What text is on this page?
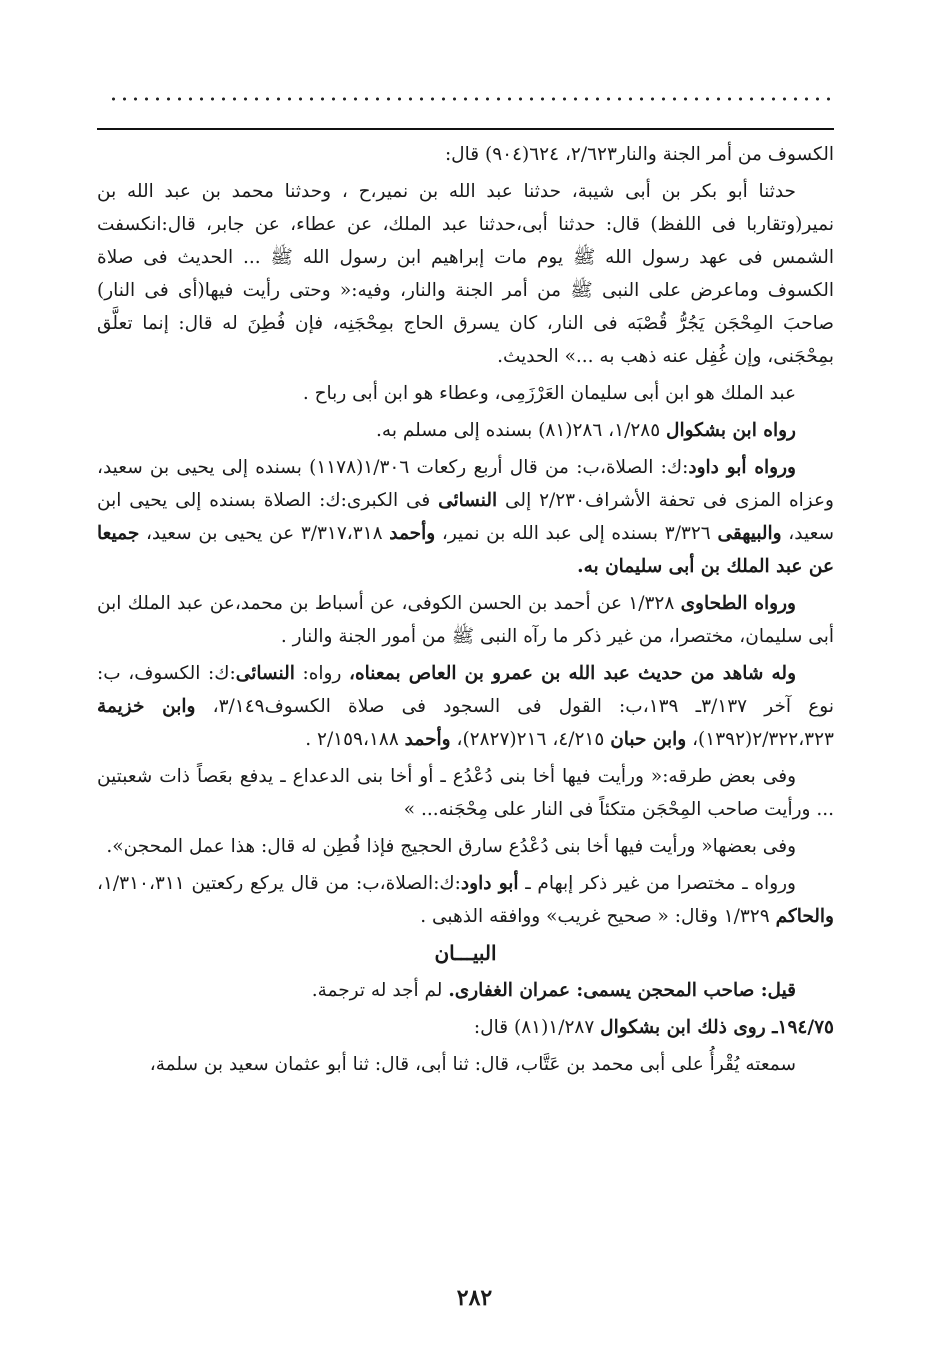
الكسوف من أمر الجنة والنار٢/٦٢٣، ٦٢٤(٩٠٤) قال:

حدثنا أبو بكر بن أبى شيبة، حدثنا عبد الله بن نمير،ح ، وحدثنا محمد بن عبد الله بن نمير(وتقاربا فى اللفظ) قال: حدثنا أبى،حدثنا عبد الملك، عن عطاء، عن جابر، قال:انكسفت الشمس فى عهد رسول الله ﷺ يوم مات إبراهيم ابن رسول الله ﷺ ... الحديث فى صلاة الكسوف وماعرض على النبى ﷺ من أمر الجنة والنار، وفيه:« وحتى رأيت فيها(أى فى النار) صاحبَ المِحْجَن يَجُرُّ قُصْبَه فى النار، كان يسرق الحاج بمِحْجَنِه، فإن فُطِنَ له قال: إنما تعلَّق بمِحْجَنى، وإن غُفِل عنه ذهب به ...» الحديث.

عبد الملك هو ابن أبى سليمان العَرْزَمِى، وعطاء هو ابن أبى رباح .

رواه ابن بشكوال ١/٢٨٥، ٢٨٦(٨١) بسنده إلى مسلم به.

ورواه أبو داود:ك: الصلاة،ب: من قال أربع ركعات ١/٣٠٦(١١٧٨) بسنده إلى يحيى بن سعيد، وعزاه المزى فى تحفة الأشراف٢/٢٣٠ إلى النسائى فى الكبرى:ك: الصلاة بسنده إلى يحيى ابن سعيد، والبيهقى ٣/٣٢٦ بسنده إلى عبد الله بن نمير، وأحمد ٣/٣١٧،٣١٨ عن يحيى بن سعيد، جميعا عن عبد الملك بن أبى سليمان به.

ورواه الطحاوى ١/٣٢٨ عن أحمد بن الحسن الكوفى، عن أسباط بن محمد،عن عبد الملك ابن أبى سليمان، مختصرا، من غير ذكر ما رآه النبى ﷺ من أمور الجنة والنار .

وله شاهد من حديث عبد الله بن عمرو بن العاص بمعناه، رواه: النسائى:ك: الكسوف، ب: نوع آخر ٣/١٣٧ـ ١٣٩،ب: القول فى السجود فى صلاة الكسوف٣/١٤٩، وابن خزيمة ٢/٣٢٢،٣٢٣(١٣٩٢)، وابن حبان ٤/٢١٥، ٢١٦(٢٨٢٧)، وأحمد ٢/١٥٩،١٨٨ .

وفى بعض طرقه:« ورأيت فيها أخا بنى دُعْدُع ـ أو أخا بنى الدعداع ـ يدفع بعَصاً ذات شعبتين ... ورأيت صاحب المِحْجَن متكئاً فى النار على مِحْجَنه... »

وفى بعضها« ورأيت فيها أخا بنى دُعْدُع سارق الحجيج فإذا فُطِن له قال: هذا عمل المحجن».

ورواه ـ مختصرا من غير ذكر إبهام ـ أبو داود:ك:الصلاة،ب: من قال يركع ركعتين ١/٣١٠،٣١١، والحاكم ١/٣٢٩ وقال: « صحيح غريب» ووافقه الذهبى .

البيـــان

قيل: صاحب المحجن يسمى: عمران الغفارى. لم أجد له ترجمة.

١٩٤/٧٥ـ روى ذلك ابن بشكوال ١/٢٨٧(٨١) قال:

سمعته يُقْرأُ على أبى محمد بن عَتَّاب، قال: ثنا أبى، قال: ثنا أبو عثمان سعيد بن سلمة،

٢٨٢
